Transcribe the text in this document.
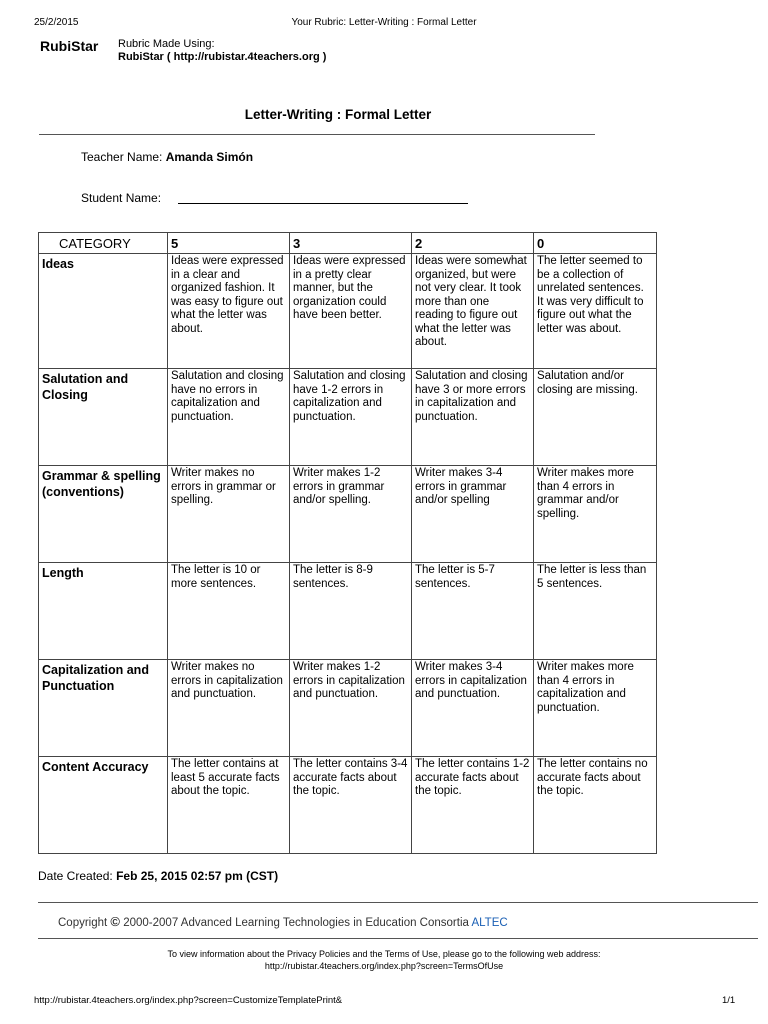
25/2/2015	Your Rubric: Letter-Writing : Formal Letter
RubiStar Rubric Made Using:
RubiStar ( http://rubistar.4teachers.org )
Letter-Writing : Formal Letter
Teacher Name: Amanda Simón
Student Name:
CATEGORY	5	3	2	0
Ideas	Ideas were expressed in a clear and organized fashion. It was easy to figure out what the letter was about.	Ideas were expressed in a pretty clear manner, but the organization could have been better.	Ideas were somewhat organized, but were not very clear. It took more than one reading to figure out what the letter was about.	The letter seemed to be a collection of unrelated sentences. It was very difficult to figure out what the letter was about.
Salutation and Closing	Salutation and closing have no errors in capitalization and punctuation.	Salutation and closing have 1-2 errors in capitalization and punctuation.	Salutation and closing have 3 or more errors in capitalization and punctuation.	Salutation and/or closing are missing.
Grammar & spelling (conventions)	Writer makes no errors in grammar or spelling.	Writer makes 1-2 errors in grammar and/or spelling.	Writer makes 3-4 errors in grammar and/or spelling	Writer makes more than 4 errors in grammar and/or spelling.
Length	The letter is 10 or more sentences.	The letter is 8-9 sentences.	The letter is 5-7 sentences.	The letter is less than 5 sentences.
Capitalization and Punctuation	Writer makes no errors in capitalization and punctuation.	Writer makes 1-2 errors in capitalization and punctuation.	Writer makes 3-4 errors in capitalization and punctuation.	Writer makes more than 4 errors in capitalization and punctuation.
Content Accuracy	The letter contains at least 5 accurate facts about the topic.	The letter contains 3-4 accurate facts about the topic.	The letter contains 1-2 accurate facts about the topic.	The letter contains no accurate facts about the topic.
Date Created: Feb 25, 2015 02:57 pm (CST)
Copyright © 2000-2007 Advanced Learning Technologies in Education Consortia ALTEC
To view information about the Privacy Policies and the Terms of Use, please go to the following web address:
http://rubistar.4teachers.org/index.php?screen=TermsOfUse
http://rubistar.4teachers.org/index.php?screen=CustomizeTemplatePrint&	1/1
